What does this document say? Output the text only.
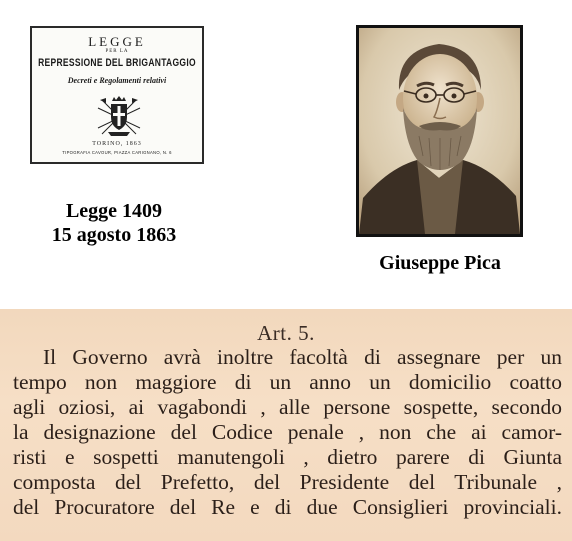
LEGGE
PER LA
REPRESSIONE DEL BRIGANTAGGIO
Decreti e Regolamenti relativi
TORINO, 1863
TIPOGRAFIA CAVOUR, PIAZZA CARIGNANO, N. 6
Legge 1409
15 agosto 1863
Giuseppe Pica
Art. 5.
Il Governo avrà inoltre facoltà di assegnare per un
tempo non maggiore di un anno un domicilio coatto
agli oziosi, ai vagabondi , alle persone sospette, secondo
la designazione del Codice penale , non che ai camor-
risti e sospetti manutengoli , dietro parere di Giunta
composta del Prefetto, del Presidente del Tribunale ,
del Procuratore del Re e di due Consiglieri provinciali.
